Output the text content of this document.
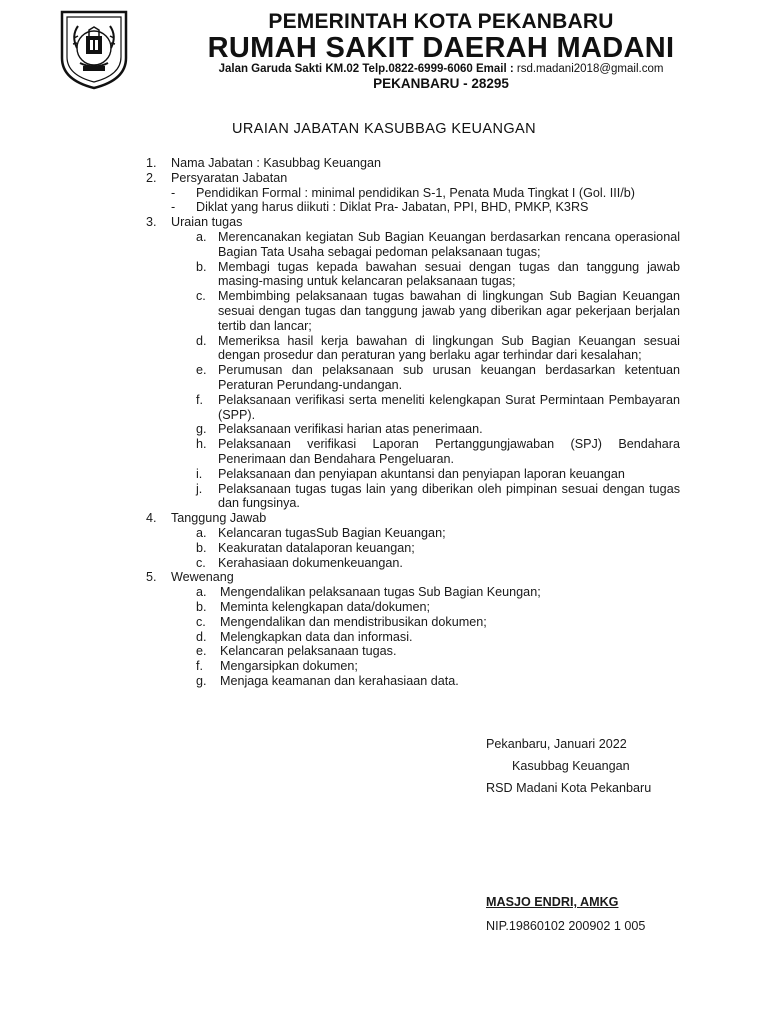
PEMERINTAH KOTA PEKANBARU
RUMAH SAKIT DAERAH MADANI
Jalan Garuda Sakti KM.02 Telp.0822-6999-6060 Email : rsd.madani2018@gmail.com
PEKANBARU - 28295
URAIAN JABATAN KASUBBAG KEUANGAN
1.	Nama Jabatan : Kasubbag Keuangan
2.	Persyaratan Jabatan
-	Pendidikan Formal : minimal pendidikan S-1, Penata Muda Tingkat I (Gol. III/b)
-	Diklat yang harus diikuti : Diklat Pra- Jabatan, PPI, BHD, PMKP, K3RS
3.	Uraian tugas
a. Merencanakan kegiatan Sub Bagian Keuangan berdasarkan rencana operasional Bagian Tata Usaha sebagai pedoman pelaksanaan tugas;
b. Membagi tugas kepada bawahan sesuai dengan tugas dan tanggung jawab masing-masing untuk kelancaran pelaksanaan tugas;
c. Membimbing pelaksanaan tugas bawahan di lingkungan Sub Bagian Keuangan sesuai dengan tugas dan tanggung jawab yang diberikan agar pekerjaan berjalan tertib dan lancar;
d. Memeriksa hasil kerja bawahan di lingkungan Sub Bagian Keuangan sesuai dengan prosedur dan peraturan yang berlaku agar terhindar dari kesalahan;
e. Perumusan dan pelaksanaan sub urusan keuangan berdasarkan ketentuan Peraturan Perundang-undangan.
f.	Pelaksanaan verifikasi serta meneliti kelengkapan Surat Permintaan Pembayaran (SPP).
g. Pelaksanaan verifikasi harian atas penerimaan.
h. Pelaksanaan verifikasi Laporan Pertanggungjawaban (SPJ) Bendahara Penerimaan dan Bendahara Pengeluaran.
i.	Pelaksanaan dan penyiapan akuntansi dan penyiapan laporan keuangan
j.	Pelaksanaan tugas tugas lain yang diberikan oleh pimpinan sesuai dengan tugas dan fungsinya.
4.	Tanggung Jawab
a. Kelancaran tugasSub Bagian Keuangan;
b. Keakuratan datalaporan keuangan;
c. Kerahasiaan dokumenkeuangan.
5.	Wewenang
a.	Mengendalikan pelaksanaan tugas Sub Bagian Keungan;
b.	Meminta kelengkapan data/dokumen;
c.	Mengendalikan dan mendistribusikan dokumen;
d.	Melengkapkan data dan informasi.
e.	Kelancaran pelaksanaan tugas.
f.	Mengarsipkan dokumen;
g.	Menjaga keamanan dan kerahasiaan data.
Pekanbaru, Januari 2022
Kasubbag Keuangan
RSD Madani Kota Pekanbaru
MASJO ENDRI, AMKG
NIP.19860102 200902 1 005
